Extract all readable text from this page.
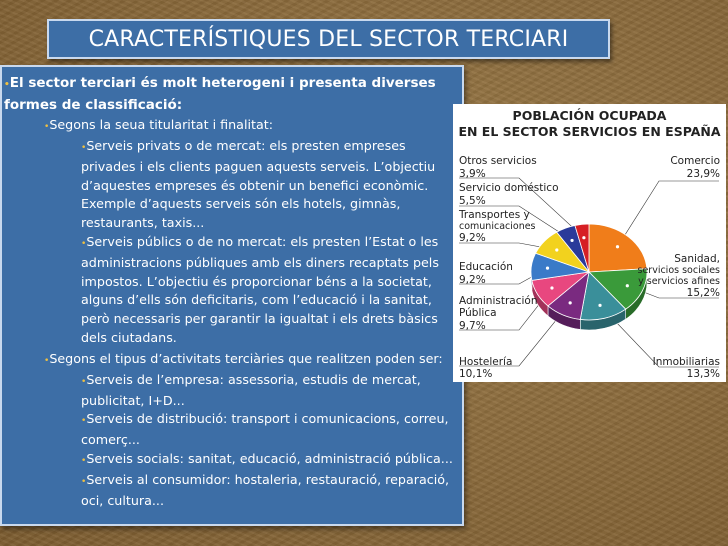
CARACTERÍSTIQUES DEL SECTOR TERCIARI
•El sector terciari és molt heterogeni i presenta diverses formes de classificació:
•Segons la seua titularitat i finalitat:
•Serveis privats o de mercat: els presten empreses privades i els clients paguen aquests serveis. L’objectiu d’aquestes empreses és obtenir un benefici econòmic. Exemple d’aquests serveis són els hotels, gimnàs, restaurants, taxis...
•Serveis públics o de no mercat: els presten l’Estat o les administracions públiques amb els diners recaptats pels impostos. L’objectiu és proporcionar béns a la societat, alguns d’ells són deficitaris, com l’educació i la sanitat, però necessaris per garantir la igualtat i els drets bàsics dels ciutadans.
•Segons el tipus d’activitats terciàries que realitzen poden ser:
•Serveis de l’empresa: assessoria, estudis de mercat, publicitat, I+D...
•Serveis de distribució: transport i comunicacions, correu, comerç...
•Serveis socials: sanitat, educació, administració pública...
•Serveis al consumidor: hostaleria, restauració, reparació, oci, cultura...
POBLACIÓN OCUPADA
EN EL SECTOR SERVICIOS EN ESPAÑA
Otros servicios
3,9%
Servicio doméstico
5,5%
Transportes y
comunicaciones
9,2%
Educación
9,2%
Administración
Pública
9,7%
Hostelería
10,1%
Comercio
23,9%
Sanidad,
servicios sociales
y servicios afines
15,2%
Inmobiliarias
13,3%
